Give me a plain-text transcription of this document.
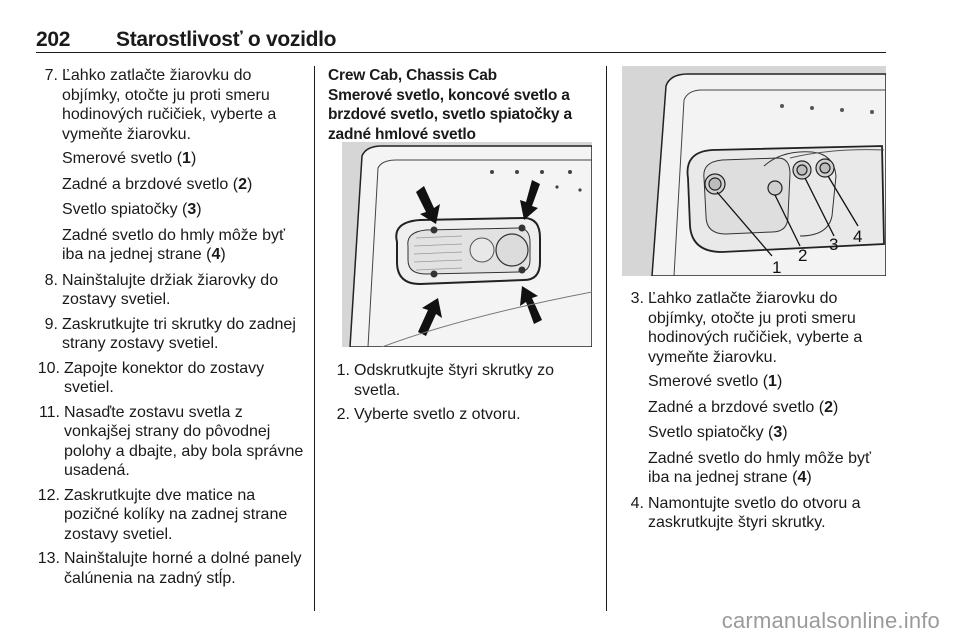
202 Starostlivosť o vozidlo
7. Ľahko zatlačte žiarovku do objímky, otočte ju proti smeru hodinových ručičiek, vyberte a vymeňte žiarovku.
Smerové svetlo (1)
Zadné a brzdové svetlo (2)
Svetlo spiatočky (3)
Zadné svetlo do hmly môže byť iba na jednej strane (4)
8. Nainštalujte držiak žiarovky do zostavy svetiel.
9. Zaskrutkujte tri skrutky do zadnej strany zostavy svetiel.
10. Zapojte konektor do zostavy svetiel.
11. Nasaďte zostavu svetla z vonkajšej strany do pôvodnej polohy a dbajte, aby bola správne usadená.
12. Zaskrutkujte dve matice na pozičné kolíky na zadnej strane zostavy svetiel.
13. Nainštalujte horné a dolné panely čalúnenia na zadný stĺp.
Crew Cab, Chassis Cab
Smerové svetlo, koncové svetlo a brzdové svetlo, svetlo spiatočky a zadné hmlové svetlo
1. Odskrutkujte štyri skrutky zo svetla.
2. Vyberte svetlo z otvoru.
1
2
3 4
3. Ľahko zatlačte žiarovku do objímky, otočte ju proti smeru hodinových ručičiek, vyberte a vymeňte žiarovku.
Smerové svetlo (1)
Zadné a brzdové svetlo (2)
Svetlo spiatočky (3)
Zadné svetlo do hmly môže byť iba na jednej strane (4)
4. Namontujte svetlo do otvoru a zaskrutkujte štyri skrutky.
carmanualsonline.info
